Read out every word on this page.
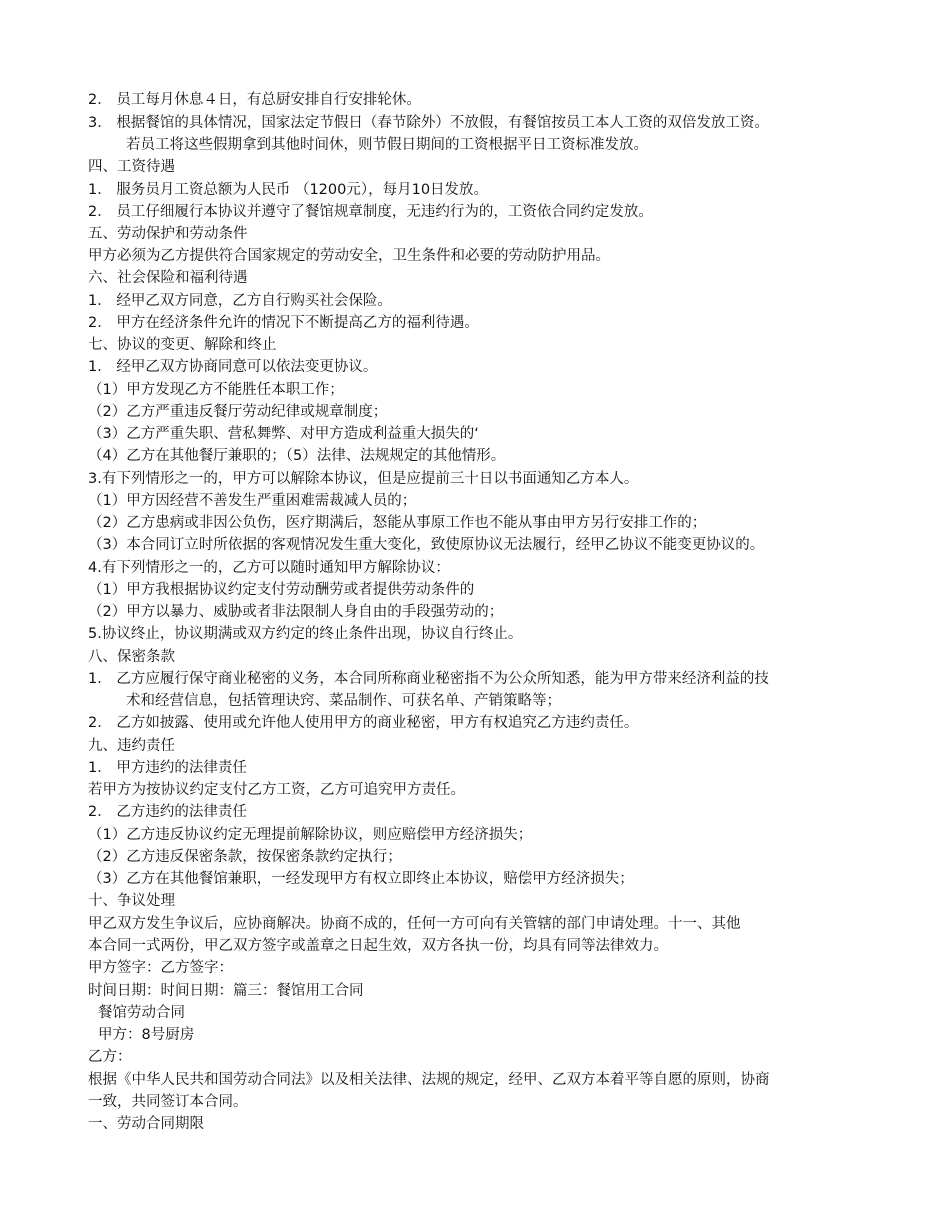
2． 员工每月休息４日，有总厨安排自行安排轮休。
3． 根据餐馆的具体情况，国家法定节假日（春节除外）不放假，有餐馆按员工本人工资的双倍发放工资。
若员工将这些假期拿到其他时间休，则节假日期间的工资根据平日工资标准发放。
四、工资待遇
1． 服务员月工资总额为人民币 （1200元），每月10日发放。
2． 员工仔细履行本协议并遵守了餐馆规章制度，无违约行为的，工资依合同约定发放。
五、劳动保护和劳动条件
甲方必须为乙方提供符合国家规定的劳动安全，卫生条件和必要的劳动防护用品。
六、社会保险和福利待遇
1． 经甲乙双方同意，乙方自行购买社会保险。
2． 甲方在经济条件允许的情况下不断提高乙方的福利待遇。
七、协议的变更、解除和终止
1． 经甲乙双方协商同意可以依法变更协议。
（1）甲方发现乙方不能胜任本职工作；
（2）乙方严重违反餐厅劳动纪律或规章制度；
（3）乙方严重失职、营私舞弊、对甲方造成利益重大损失的‘
（4）乙方在其他餐厅兼职的；（5）法律、法规规定的其他情形。
3.有下列情形之一的，甲方可以解除本协议，但是应提前三十日以书面通知乙方本人。
（1）甲方因经营不善发生严重困难需裁减人员的；
（2）乙方患病或非因公负伤，医疗期满后，怒能从事原工作也不能从事由甲方另行安排工作的；
（3）本合同订立时所依据的客观情况发生重大变化，致使原协议无法履行，经甲乙协议不能变更协议的。
4.有下列情形之一的，乙方可以随时通知甲方解除协议：
（1）甲方我根据协议约定支付劳动酬劳或者提供劳动条件的
（2）甲方以暴力、威胁或者非法限制人身自由的手段强劳动的；
5.协议终止，协议期满或双方约定的终止条件出现，协议自行终止。
八、保密条款
1． 乙方应履行保守商业秘密的义务，本合同所称商业秘密指不为公众所知悉，能为甲方带来经济利益的技
术和经营信息，包括管理诀窍、菜品制作、可获名单、产销策略等；
2． 乙方如披露、使用或允许他人使用甲方的商业秘密，甲方有权追究乙方违约责任。
九、违约责任
1． 甲方违约的法律责任
若甲方为按协议约定支付乙方工资，乙方可追究甲方责任。
2． 乙方违约的法律责任
（1）乙方违反协议约定无理提前解除协议，则应赔偿甲方经济损失；
（2）乙方违反保密条款，按保密条款约定执行；
（3）乙方在其他餐馆兼职，一经发现甲方有权立即终止本协议，赔偿甲方经济损失；
十、争议处理
甲乙双方发生争议后，应协商解决。协商不成的，任何一方可向有关管辖的部门申请处理。十一、其他
本合同一式两份，甲乙双方签字或盖章之日起生效，双方各执一份，均具有同等法律效力。
甲方签字：乙方签字：
时间日期：时间日期：篇三：餐馆用工合同
餐馆劳动合同
甲方：8号厨房
乙方：
根据《中华人民共和国劳动合同法》以及相关法律、法规的规定，经甲、乙双方本着平等自愿的原则，协商
一致，共同签订本合同。
一、劳动合同期限
